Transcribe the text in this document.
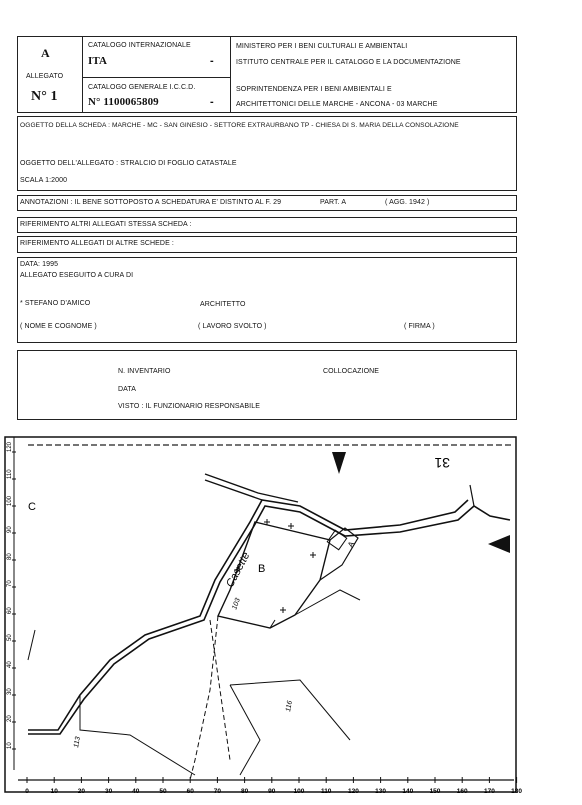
A
ALLEGATO
N° 1
CATALOGO INTERNAZIONALE
ITA	-
CATALOGO GENERALE I.C.C.D.
N° 1100065809	-
MINISTERO PER I BENI CULTURALI E AMBIENTALI
ISTITUTO CENTRALE PER IL CATALOGO E LA DOCUMENTAZIONE
SOPRINTENDENZA PER I BENI AMBIENTALI E
ARCHITETTONICI DELLE MARCHE - ANCONA - 03 MARCHE
OGGETTO DELLA SCHEDA : MARCHE - MC - SAN GINESIO - SETTORE EXTRAURBANO TP - CHIESA DI S. MARIA DELLA CONSOLAZIONE
OGGETTO DELL'ALLEGATO : STRALCIO DI FOGLIO CATASTALE
SCALA 1:2000
ANNOTAZIONI : IL BENE SOTTOPOSTO A SCHEDATURA E' DISTINTO AL F. 29	PART. A	( AGG. 1942 )
RIFERIMENTO ALTRI ALLEGATI STESSA SCHEDA :
RIFERIMENTO ALLEGATI DI ALTRE SCHEDE :
DATA: 1995
ALLEGATO ESEGUITO A CURA DI
* STEFANO D'AMICO	ARCHITETTO
( NOME E COGNOME )	( LAVORO SVOLTO )	( FIRMA )
N. INVENTARIO	COLLOCAZIONE
DATA
VISTO : IL FUNZIONARIO RESPONSABILE
120
110
100
90
80
70
60
50
40
30
20
10
0	10	20	30	40	50	60	70	80	90	100	110	120	130	140	150	160	170	180
31
Casette B
A
103
116
113
C
